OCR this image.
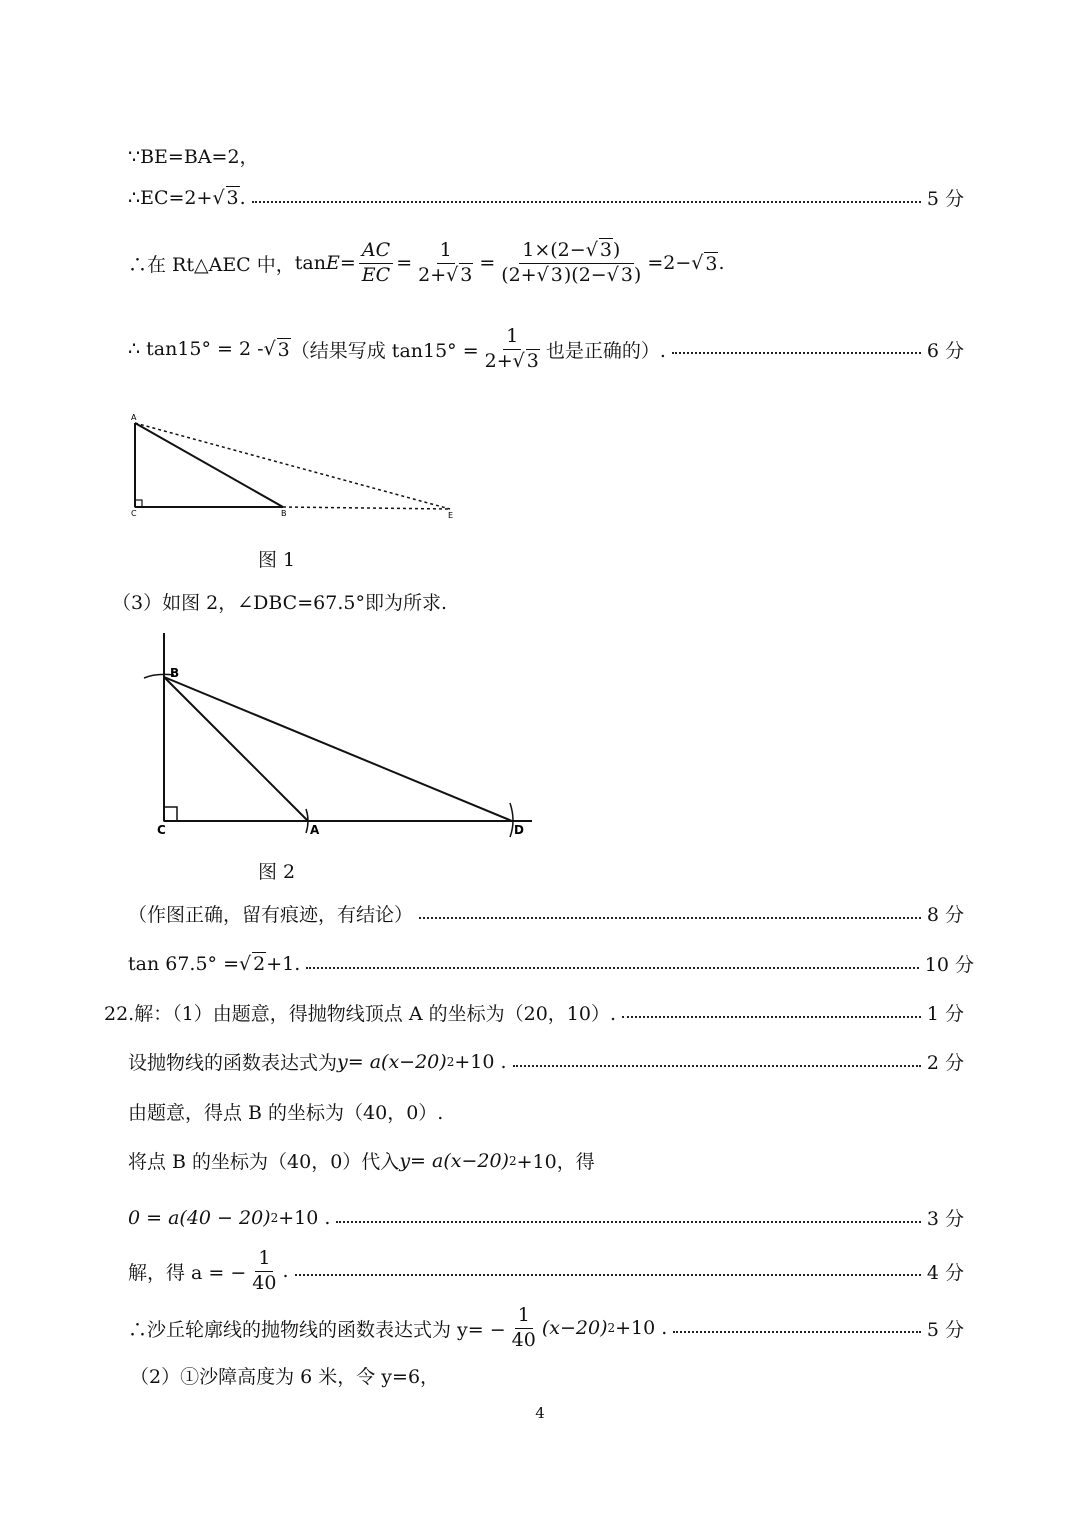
∵BE=BA=2，
∴EC=2+ √ 3 .	5 分
∴在 Rt△AEC 中， $\tan E = \frac{AC}{EC} = \frac{1}{2+√ 3} = \frac{1\times(2-√ 3)}{(2+√ 3)(2-√ 3)} =2-$ √ 3 .
∴ tan15° = 2 - √ 3 （结果写成 $\tan 15^\circ = \frac{1}{2+√ 3}$ 也是正确的）.	6 分
A
C	B	E
图 1
（3）如图 2，∠DBC=67.5°即为所求.
B
C	A	D
图 2
（作图正确，留有痕迹，有结论）	8 分
tan 67.5° = √ 2 +1.	10 分
22.解：（1）由题意，得抛物线顶点 A 的坐标为（20，10）.	1 分
设抛物线的函数表达式为 y= a(x−20) 2 +10 .	2 分
由题意，得点 B 的坐标为（40，0）.
将点 B 的坐标为（40，0）代入 y= a(x−20) 2 +10，得
0 = a(40 − 20) 2 +10 .	3 分
解，得 a = − $\frac{1}{40}$ .	4 分
∴沙丘轮廓线的抛物线的函数表达式为 $y= - \frac{1}{40} (x-20)$ 2 +10 .	5 分
（2）①沙障高度为 6 米，令 y=6，
4
